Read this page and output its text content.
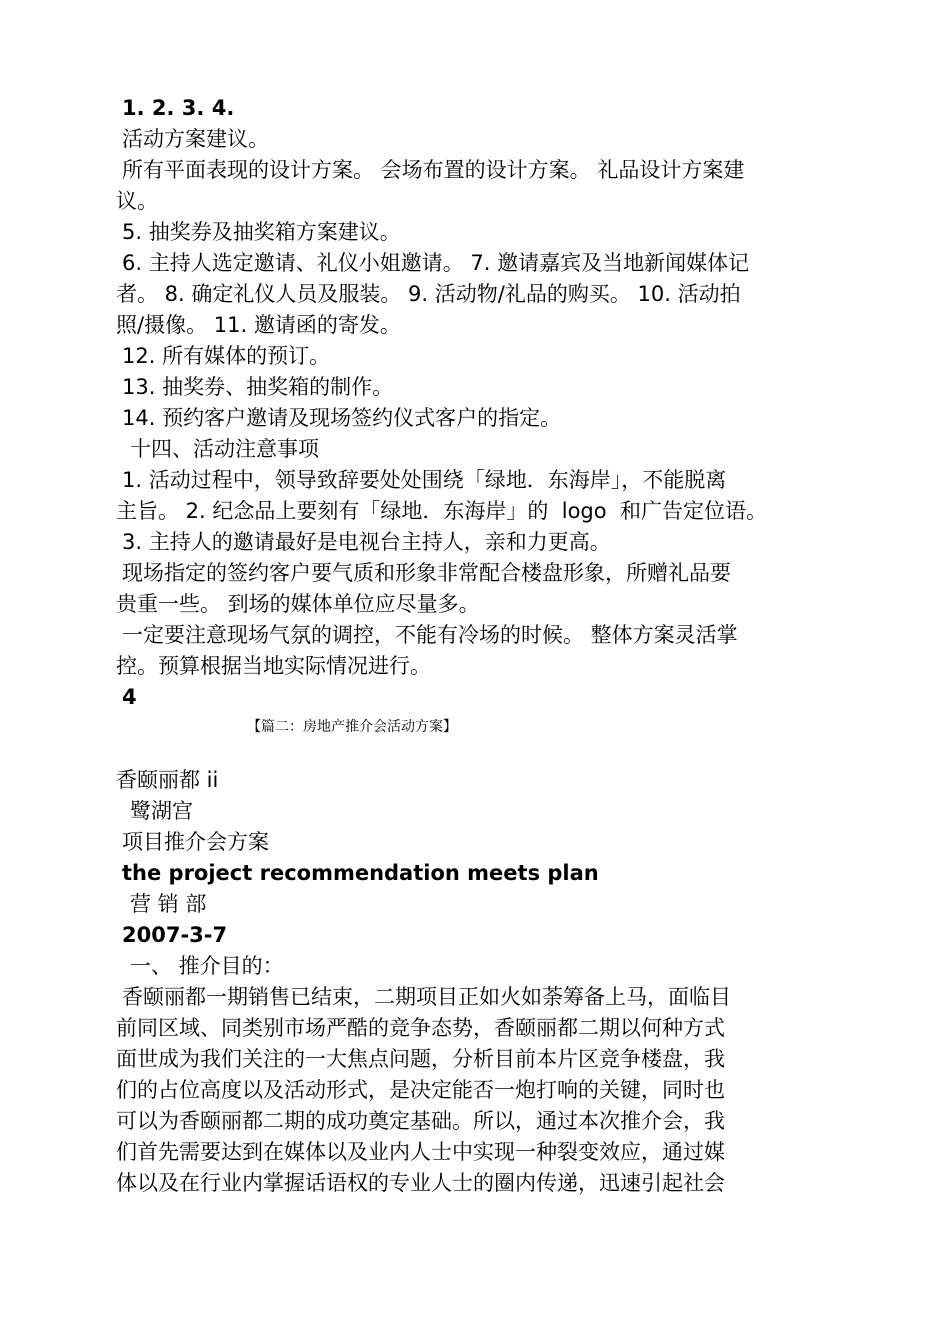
1. 2. 3. 4.
活动方案建议。
所有平面表现的设计方案。 会场布置的设计方案。 礼品设计方案建
议。
5. 抽奖券及抽奖箱方案建议。
6. 主持人选定邀请、礼仪小姐邀请。 7. 邀请嘉宾及当地新闻媒体记
者。 8. 确定礼仪人员及服装。 9. 活动物/礼品的购买。 10. 活动拍
照/摄像。 11. 邀请函的寄发。
12. 所有媒体的预订。
13. 抽奖券、抽奖箱的制作。
14. 预约客户邀请及现场签约仪式客户的指定。
十四、活动注意事项
1. 活动过程中，领导致辞要处处围绕「绿地．东海岸」，不能脱离
主旨。 2. 纪念品上要刻有「绿地．东海岸」的  logo  和广告定位语。
3. 主持人的邀请最好是电视台主持人，亲和力更高。
现场指定的签约客户要气质和形象非常配合楼盘形象，所赠礼品要
贵重一些。 到场的媒体单位应尽量多。
一定要注意现场气氛的调控，不能有冷场的时候。 整体方案灵活掌
控。预算根据当地实际情况进行。
4
【篇二：房地产推介会活动方案】
香颐丽都 ii
鹭湖宫
项目推介会方案
the project recommendation meets plan
营 销 部
2007-3-7
一、 推介目的：
香颐丽都一期销售已结束，二期项目正如火如荼筹备上马，面临目
前同区域、同类别市场严酷的竞争态势，香颐丽都二期以何种方式
面世成为我们关注的一大焦点问题，分析目前本片区竞争楼盘，我
们的占位高度以及活动形式，是决定能否一炮打响的关键，同时也
可以为香颐丽都二期的成功奠定基础。所以，通过本次推介会，我
们首先需要达到在媒体以及业内人士中实现一种裂变效应，通过媒
体以及在行业内掌握话语权的专业人士的圈内传递，迅速引起社会
